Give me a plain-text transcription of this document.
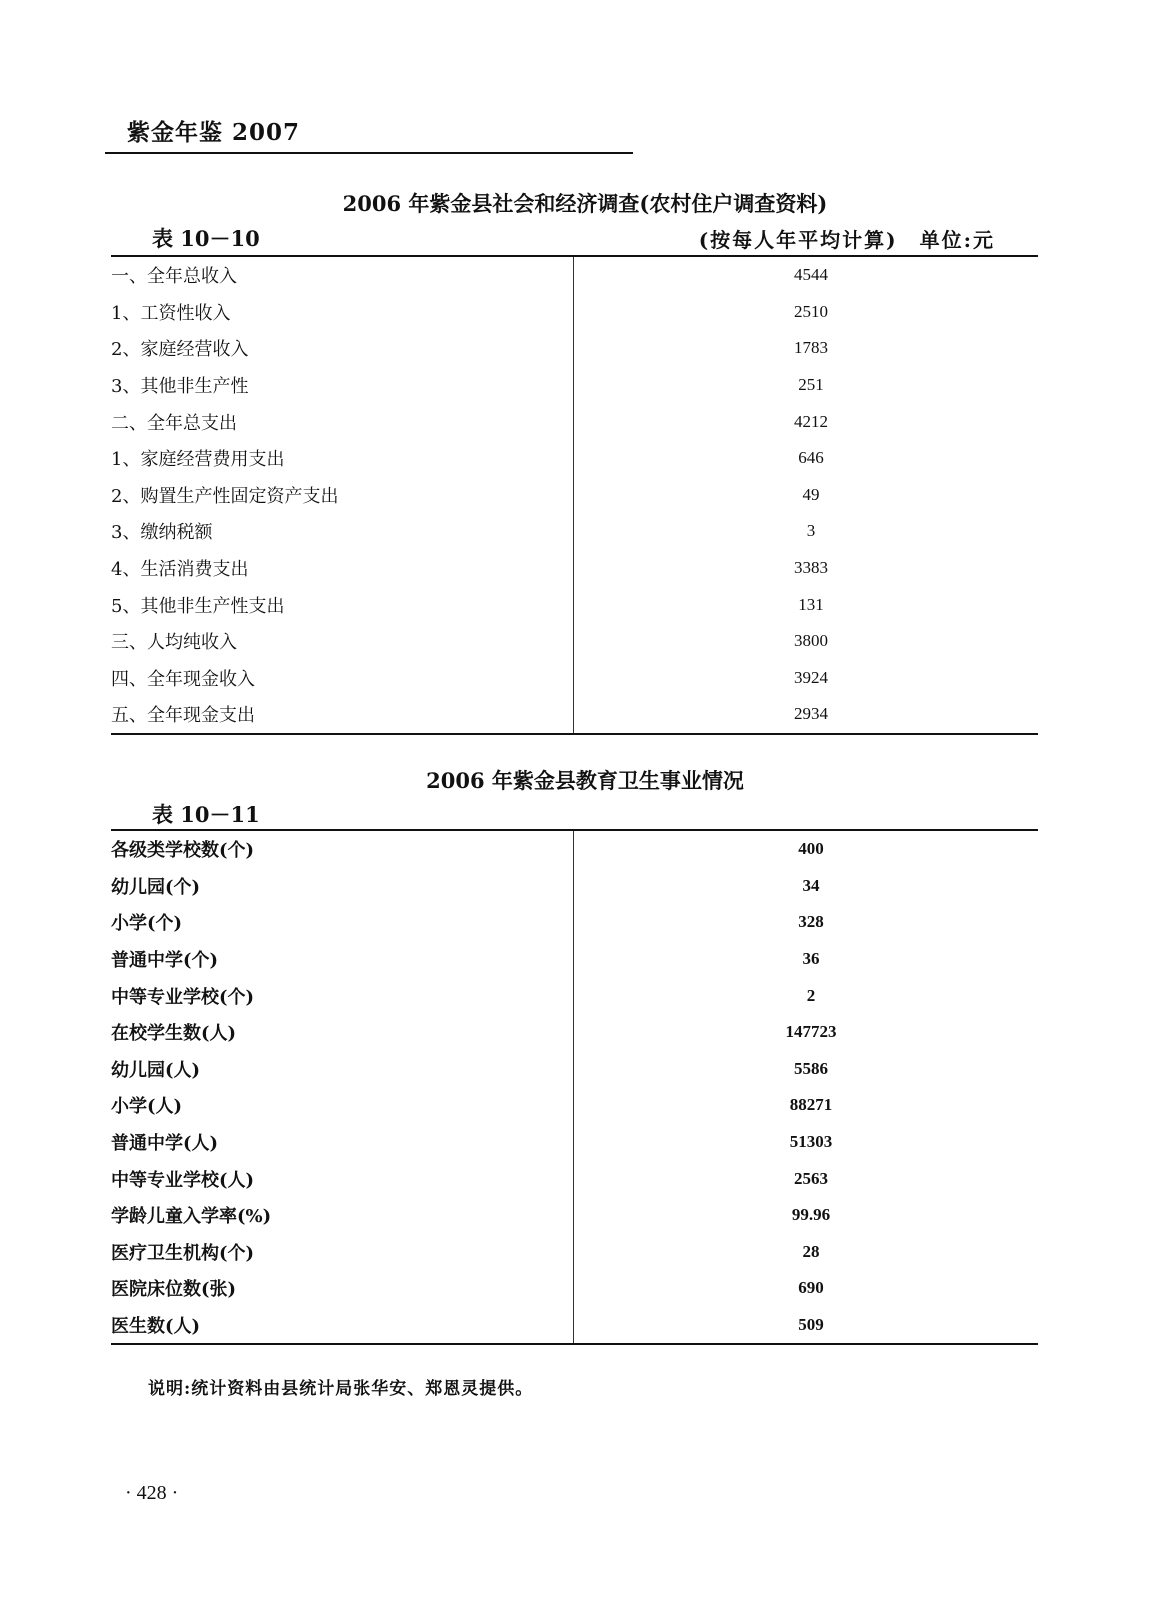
紫金年鉴 2007
2006 年紫金县社会和经济调查(农村住户调查资料)
表 10－10	(按每人年平均计算)　单位:元
一、全年总收入	4544
1、工资性收入	2510
2、家庭经营收入	1783
3、其他非生产性	251
二、全年总支出	4212
1、家庭经营费用支出	646
2、购置生产性固定资产支出	49
3、缴纳税额	3
4、生活消费支出	3383
5、其他非生产性支出	131
三、人均纯收入	3800
四、全年现金收入	3924
五、全年现金支出	2934
2006 年紫金县教育卫生事业情况
表 10－11
各级类学校数(个)	400
幼儿园(个)	34
小学(个)	328
普通中学(个)	36
中等专业学校(个)	2
在校学生数(人)	147723
幼儿园(人)	5586
小学(人)	88271
普通中学(人)	51303
中等专业学校(人)	2563
学龄儿童入学率(%)	99.96
医疗卫生机构(个)	28
医院床位数(张)	690
医生数(人)	509
说明:统计资料由县统计局张华安、郑恩灵提供。
· 428 ·
